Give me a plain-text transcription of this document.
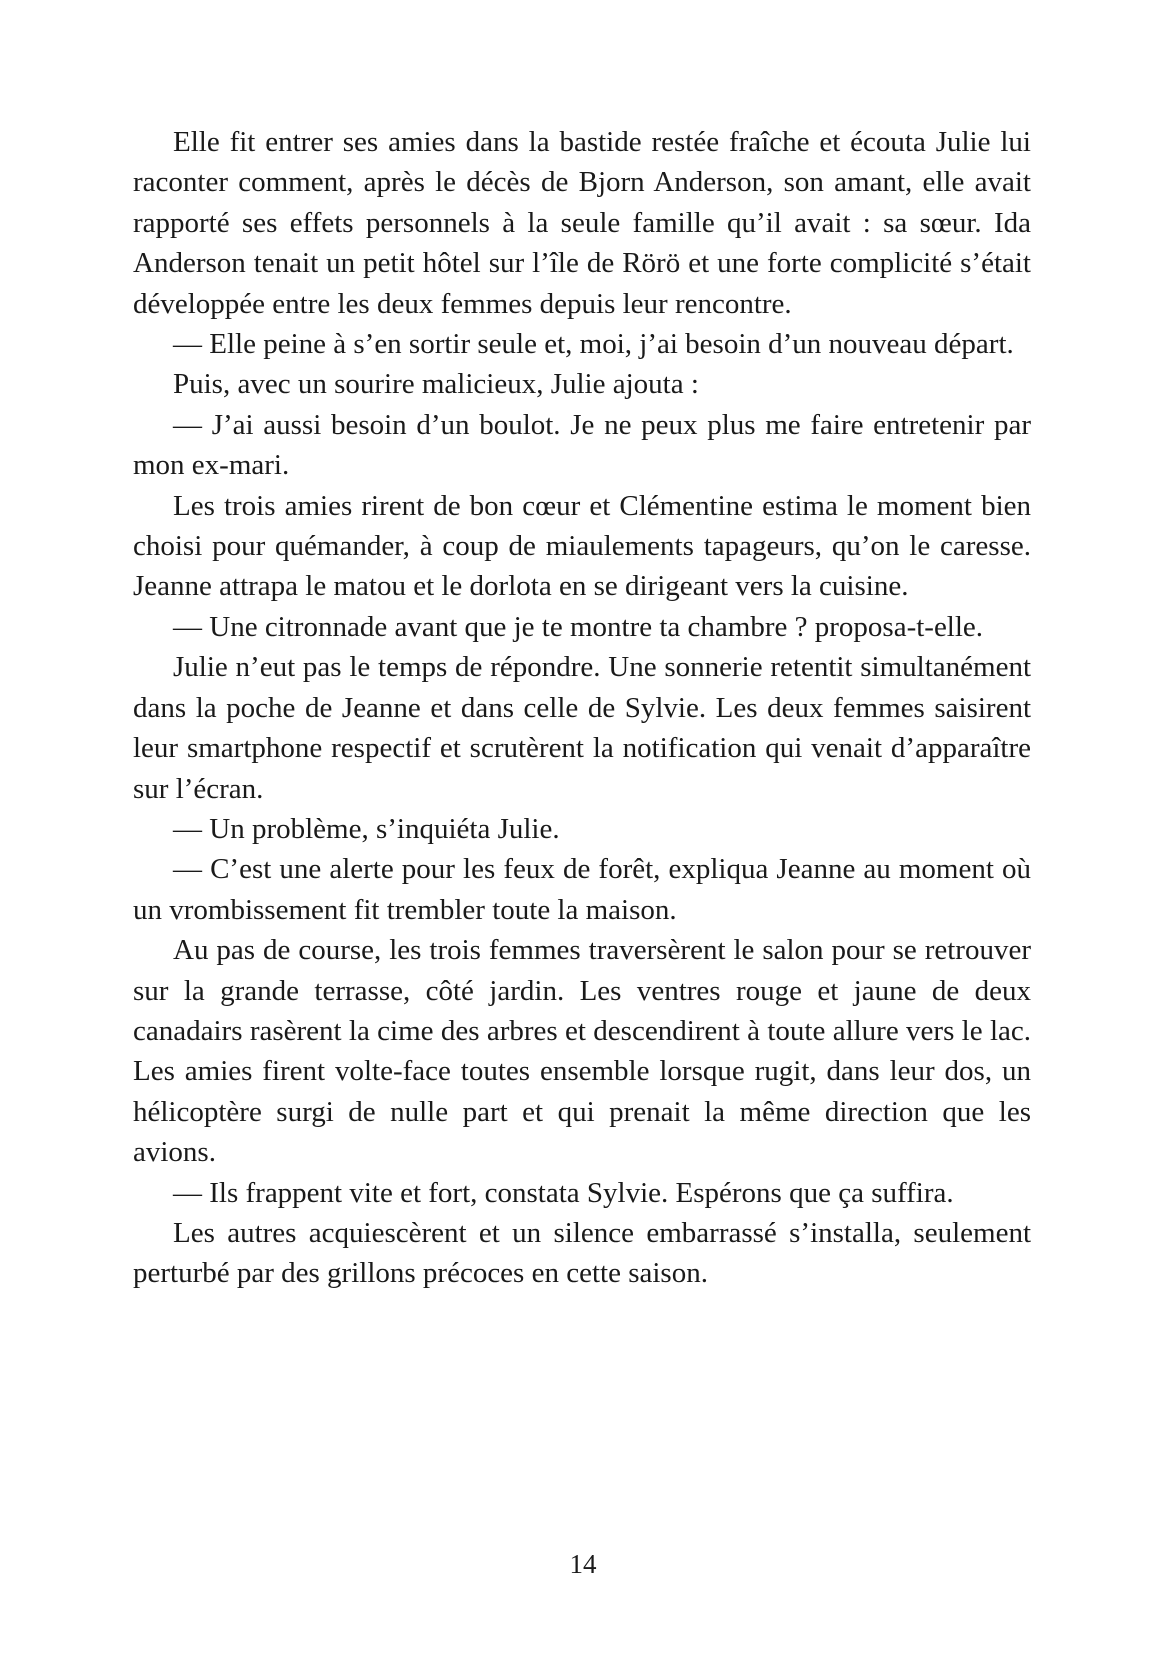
Elle fit entrer ses amies dans la bastide restée fraîche et écouta Julie lui raconter comment, après le décès de Bjorn Anderson, son amant, elle avait rapporté ses effets personnels à la seule famille qu’il avait : sa sœur. Ida Anderson tenait un petit hôtel sur l’île de Rörö et une forte complicité s’était développée entre les deux femmes depuis leur rencontre.

— Elle peine à s’en sortir seule et, moi, j’ai besoin d’un nouveau départ.

Puis, avec un sourire malicieux, Julie ajouta :

— J’ai aussi besoin d’un boulot. Je ne peux plus me faire entretenir par mon ex-mari.

Les trois amies rirent de bon cœur et Clémentine estima le moment bien choisi pour quémander, à coup de miaulements tapageurs, qu’on le caresse. Jeanne attrapa le matou et le dorlota en se dirigeant vers la cuisine.

— Une citronnade avant que je te montre ta chambre ? proposa-t-elle.

Julie n’eut pas le temps de répondre. Une sonnerie retentit simultanément dans la poche de Jeanne et dans celle de Sylvie. Les deux femmes saisirent leur smartphone respectif et scrutèrent la notification qui venait d’apparaître sur l’écran.

— Un problème, s’inquiéta Julie.

— C’est une alerte pour les feux de forêt, expliqua Jeanne au moment où un vrombissement fit trembler toute la maison.

Au pas de course, les trois femmes traversèrent le salon pour se retrouver sur la grande terrasse, côté jardin. Les ventres rouge et jaune de deux canadairs rasèrent la cime des arbres et descendirent à toute allure vers le lac. Les amies firent volte-face toutes ensemble lorsque rugit, dans leur dos, un hélicoptère surgi de nulle part et qui prenait la même direction que les avions.

— Ils frappent vite et fort, constata Sylvie. Espérons que ça suffira.

Les autres acquiescèrent et un silence embarrassé s’installa, seulement perturbé par des grillons précoces en cette saison.

14
